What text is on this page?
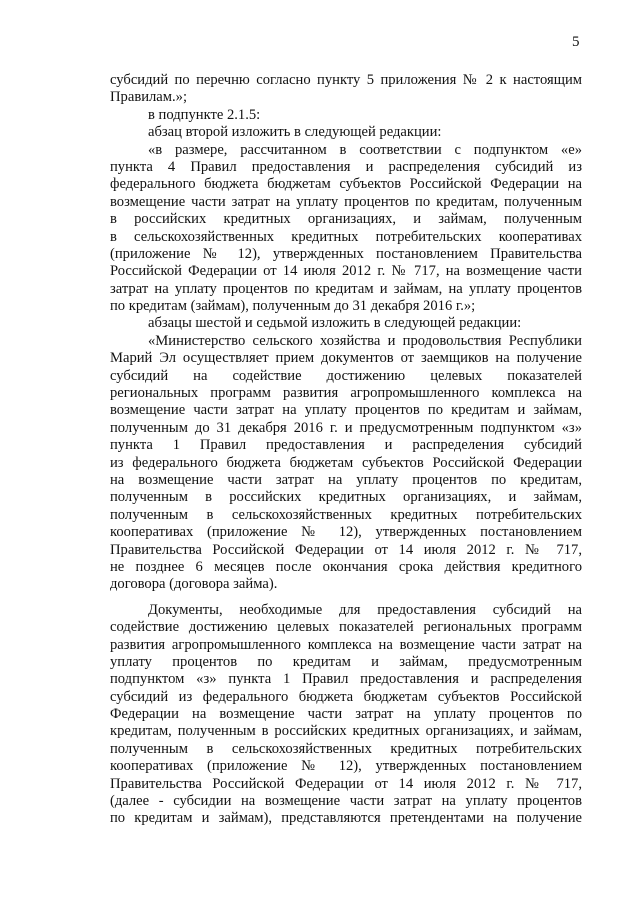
5
субсидий по перечню согласно пункту 5 приложения № 2 к настоящим
Правилам.»;
в подпункте 2.1.5:
абзац второй изложить в следующей редакции:
«в размере, рассчитанном в соответствии с подпунктом «е»
пункта 4 Правил предоставления и распределения субсидий из
федерального бюджета бюджетам субъектов Российской Федерации на
возмещение части затрат на уплату процентов по кредитам, полученным
в российских кредитных организациях, и займам, полученным
в сельскохозяйственных кредитных потребительских кооперативах
(приложение № 12), утвержденных постановлением Правительства
Российской Федерации от 14 июля 2012 г. № 717, на возмещение части
затрат на уплату процентов по кредитам и займам, на уплату процентов
по кредитам (займам), полученным до 31 декабря 2016 г.»;
абзацы шестой и седьмой изложить в следующей редакции:
«Министерство сельского хозяйства и продовольствия Республики
Марий Эл осуществляет прием документов от заемщиков на получение
субсидий на содействие достижению целевых показателей
региональных программ развития агропромышленного комплекса на
возмещение части затрат на уплату процентов по кредитам и займам,
полученным до 31 декабря 2016 г. и предусмотренным подпунктом «з»
пункта 1 Правил предоставления и распределения субсидий
из федерального бюджета бюджетам субъектов Российской Федерации
на возмещение части затрат на уплату процентов по кредитам,
полученным в российских кредитных организациях, и займам,
полученным в сельскохозяйственных кредитных потребительских
кооперативах (приложение № 12), утвержденных постановлением
Правительства Российской Федерации от 14 июля 2012 г. № 717,
не позднее 6 месяцев после окончания срока действия кредитного
договора (договора займа).
Документы, необходимые для предоставления субсидий на
содействие достижению целевых показателей региональных программ
развития агропромышленного комплекса на возмещение части затрат на
уплату процентов по кредитам и займам, предусмотренным
подпунктом «з» пункта 1 Правил предоставления и распределения
субсидий из федерального бюджета бюджетам субъектов Российской
Федерации на возмещение части затрат на уплату процентов по
кредитам, полученным в российских кредитных организациях, и займам,
полученным в сельскохозяйственных кредитных потребительских
кооперативах (приложение № 12), утвержденных постановлением
Правительства Российской Федерации от 14 июля 2012 г. № 717,
(далее - субсидии на возмещение части затрат на уплату процентов
по кредитам и займам), представляются претендентами на получение
